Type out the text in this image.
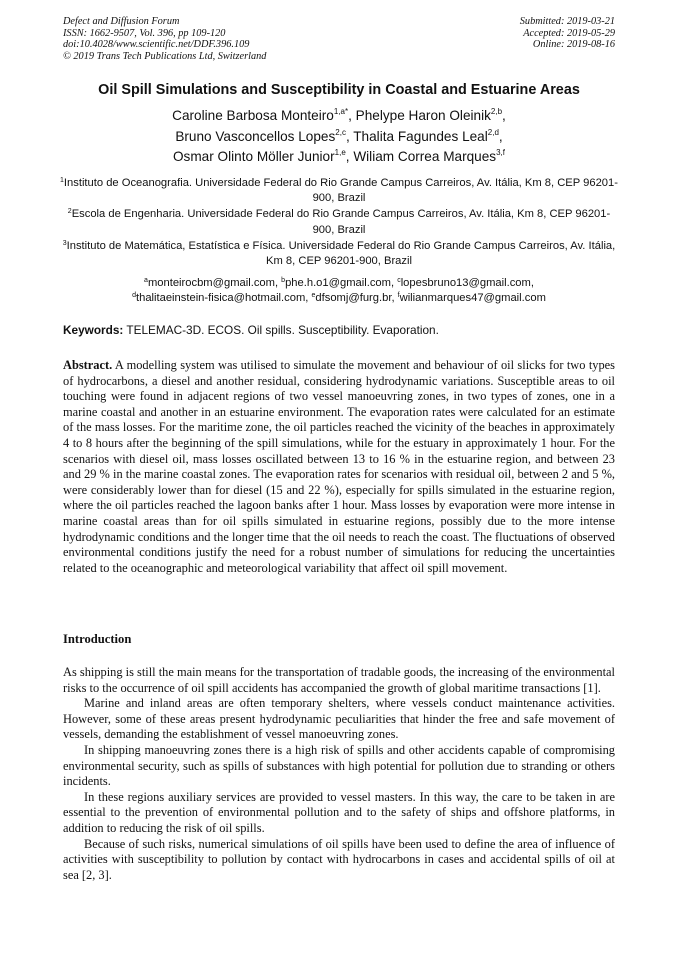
Defect and Diffusion Forum
ISSN: 1662-9507, Vol. 396, pp 109-120
doi:10.4028/www.scientific.net/DDF.396.109
© 2019 Trans Tech Publications Ltd, Switzerland
Submitted: 2019-03-21
Accepted: 2019-05-29
Online: 2019-08-16
Oil Spill Simulations and Susceptibility in Coastal and Estuarine Areas
Caroline Barbosa Monteiro$^{1,a*}$, Phelype Haron Oleinik$^{2,b}$,
Bruno Vasconcellos Lopes$^{2,c}$, Thalita Fagundes Leal$^{2,d}$,
Osmar Olinto Möller Junior$^{1,e}$, Wiliam Correa Marques$^{3,f}$

$^1$Instituto de Oceanografia. Universidade Federal do Rio Grande Campus Carreiros, Av. Itália, Km 8, CEP 96201-900, Brazil

$^2$Escola de Engenharia. Universidade Federal do Rio Grande Campus Carreiros, Av. Itália, Km 8, CEP 96201-900, Brazil

$^3$Instituto de Matemática, Estatística e Física. Universidade Federal do Rio Grande Campus Carreiros, Av. Itália, Km 8, CEP 96201-900, Brazil

$^a$monteirocbm@gmail.com, $^b$phe.h.o1@gmail.com, $^c$lopesbruno13@gmail.com,
$^d$thalitaeinstein-fisica@hotmail.com, $^e$dfsomj@furg.br, $^f$wilianmarques47@gmail.com
Keywords: TELEMAC-3D. ECOS. Oil spills. Susceptibility. Evaporation.
Abstract. A modelling system was utilised to simulate the movement and behaviour of oil slicks for two types of hydrocarbons, a diesel and another residual, considering hydrodynamic variations. Susceptible areas to oil touching were found in adjacent regions of two vessel manoeuvring zones, in two types of zones, one in a marine coastal and another in an estuarine environment. The evaporation rates were calculated for an estimate of the mass losses. For the maritime zone, the oil particles reached the vicinity of the beaches in approximately 4 to 8 hours after the beginning of the spill simulations, while for the estuary in approximately 1 hour. For the scenarios with diesel oil, mass losses oscillated between 13 to 16 % in the estuarine region, and between 23 and 29 % in the marine coastal zones. The evaporation rates for scenarios with residual oil, between 2 and 5 %, were considerably lower than for diesel (15 and 22 %), especially for spills simulated in the estuarine region, where the oil particles reached the lagoon banks after 1 hour. Mass losses by evaporation were more intense in marine coastal areas than for oil spills simulated in estuarine regions, possibly due to the more intense hydrodynamic conditions and the longer time that the oil needs to reach the coast. The fluctuations of observed environmental conditions justify the need for a robust number of simulations for reducing the uncertainties related to the oceanographic and meteorological variability that affect oil spill movement.
Introduction

As shipping is still the main means for the transportation of tradable goods, the increasing of the environmental risks to the occurrence of oil spill accidents has accompanied the growth of global maritime transactions [1].

Marine and inland areas are often temporary shelters, where vessels conduct maintenance activities. However, some of these areas present hydrodynamic peculiarities that hinder the free and safe movement of vessels, demanding the establishment of vessel manoeuvring zones.

In shipping manoeuvring zones there is a high risk of spills and other accidents capable of compromising environmental security, such as spills of substances with high potential for pollution due to stranding or others incidents.

In these regions auxiliary services are provided to vessel masters. In this way, the care to be taken in are essential to the prevention of environmental pollution and to the safety of ships and offshore platforms, in addition to reducing the risk of oil spills.

Because of such risks, numerical simulations of oil spills have been used to define the area of influence of activities with susceptibility to pollution by contact with hydrocarbons in cases and accidental spills of oil at sea [2, 3].
